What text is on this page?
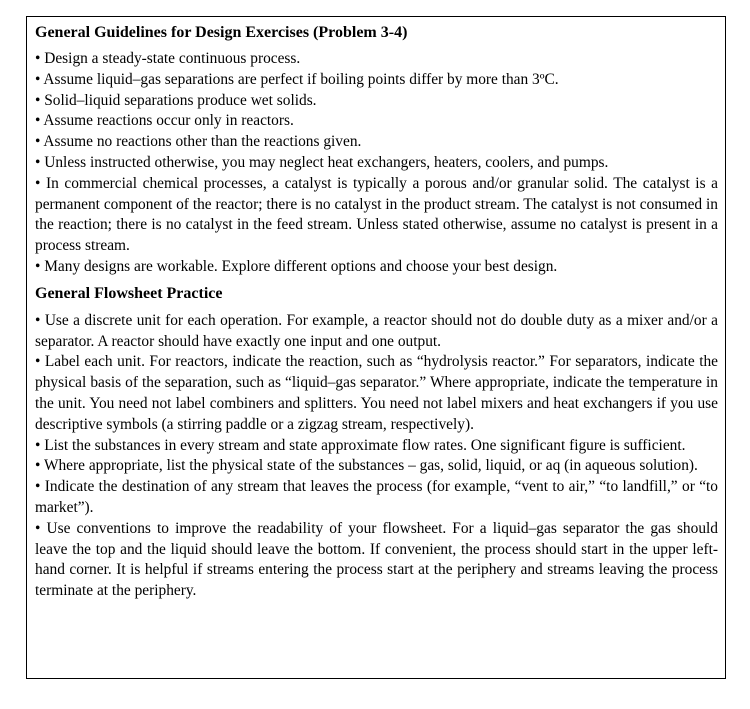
General Guidelines for Design Exercises (Problem 3-4)
• Design a steady-state continuous process.
• Assume liquid–gas separations are perfect if boiling points differ by more than 3ºC.
• Solid–liquid separations produce wet solids.
• Assume reactions occur only in reactors.
• Assume no reactions other than the reactions given.
• Unless instructed otherwise, you may neglect heat exchangers, heaters, coolers, and pumps.
• In commercial chemical processes, a catalyst is typically a porous and/or granular solid. The catalyst is a permanent component of the reactor; there is no catalyst in the product stream. The catalyst is not consumed in the reaction; there is no catalyst in the feed stream. Unless stated otherwise, assume no catalyst is present in a process stream.
• Many designs are workable. Explore different options and choose your best design.
General Flowsheet Practice
• Use a discrete unit for each operation. For example, a reactor should not do double duty as a mixer and/or a separator. A reactor should have exactly one input and one output.
• Label each unit. For reactors, indicate the reaction, such as “hydrolysis reactor.” For separators, indicate the physical basis of the separation, such as “liquid–gas separator.” Where appropriate, indicate the temperature in the unit. You need not label combiners and splitters. You need not label mixers and heat exchangers if you use descriptive symbols (a stirring paddle or a zigzag stream, respectively).
• List the substances in every stream and state approximate flow rates. One significant figure is sufficient.
• Where appropriate, list the physical state of the substances – gas, solid, liquid, or aq (in aqueous solution).
• Indicate the destination of any stream that leaves the process (for example, “vent to air,” “to landfill,” or “to market”).
• Use conventions to improve the readability of your flowsheet. For a liquid–gas separator the gas should leave the top and the liquid should leave the bottom. If convenient, the process should start in the upper left-hand corner. It is helpful if streams entering the process start at the periphery and streams leaving the process terminate at the periphery.
